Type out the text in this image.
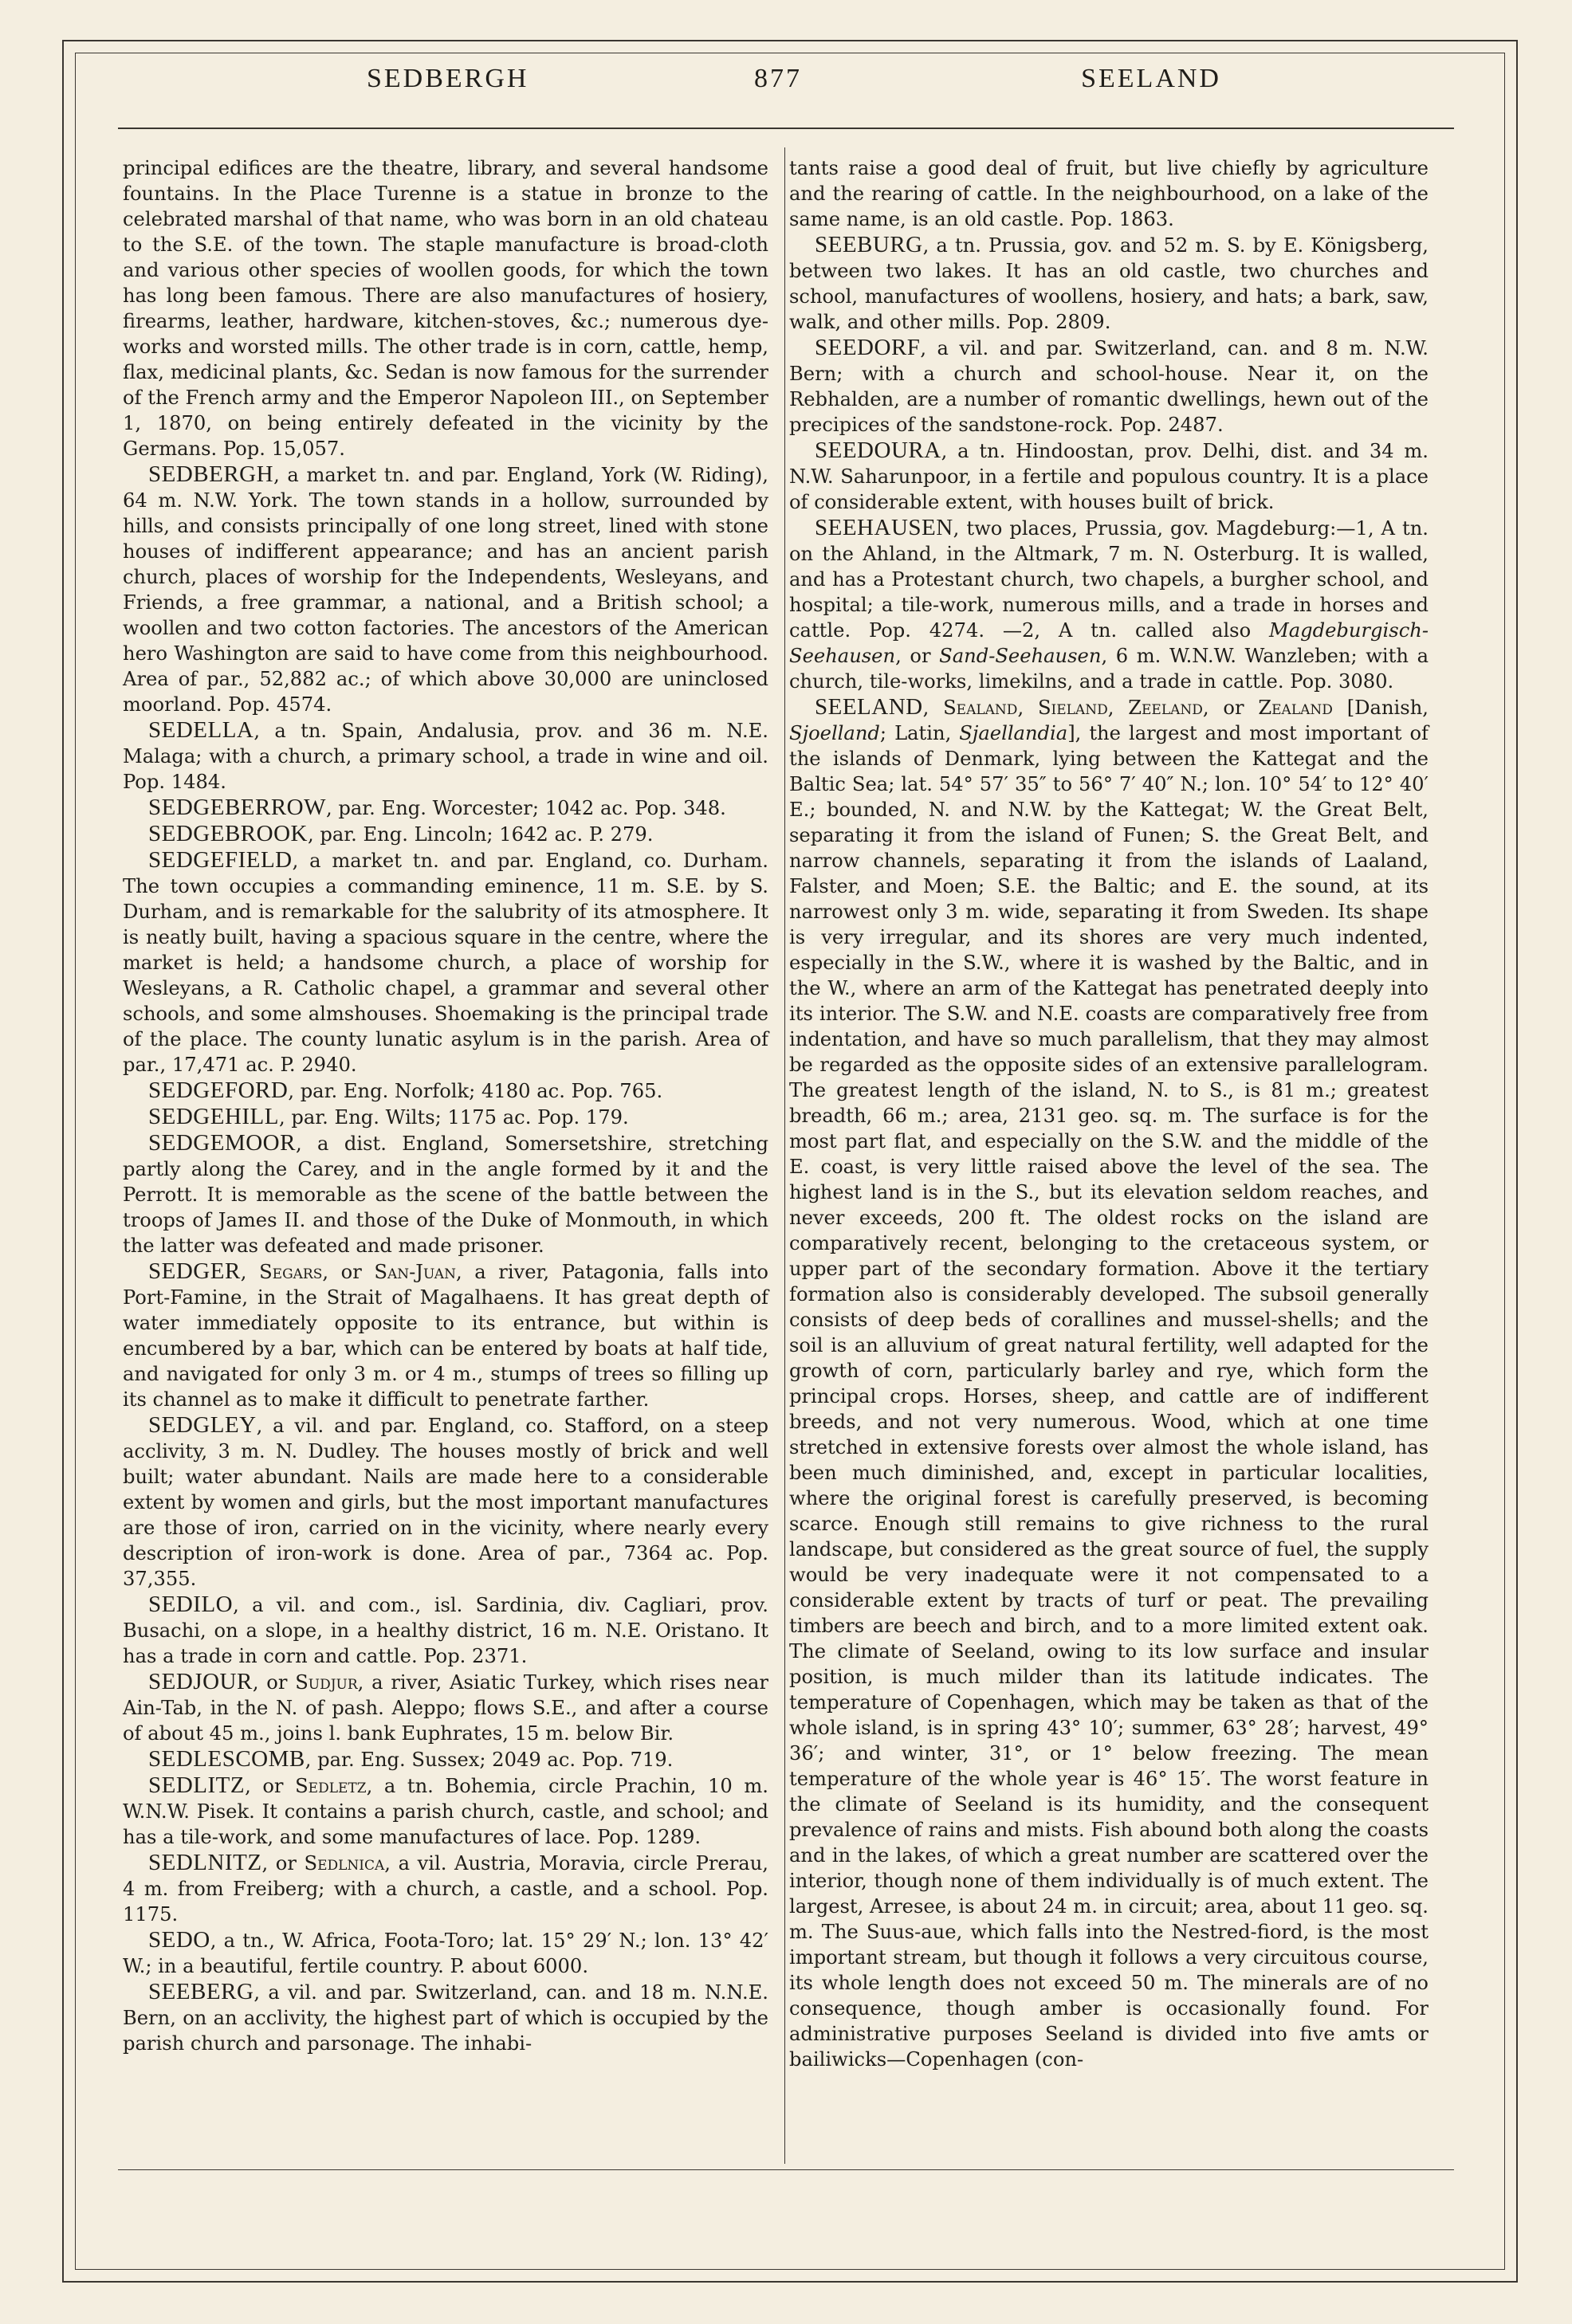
SEDBERGH	877	SEELAND

principal edifices are the theatre, library, and several handsome fountains. In the Place Turenne is a statue in bronze to the celebrated marshal of that name, who was born in an old chateau to the S.E. of the town. The staple manufacture is broad-cloth and various other species of woollen goods, for which the town has long been famous. There are also manufactures of hosiery, firearms, leather, hardware, kitchen-stoves, &c.; numerous dye-works and worsted mills. The other trade is in corn, cattle, hemp, flax, medicinal plants, &c. Sedan is now famous for the surrender of the French army and the Emperor Napoleon III., on September 1, 1870, on being entirely defeated in the vicinity by the Germans. Pop. 15,057.

SEDBERGH, a market tn. and par. England, York (W. Riding), 64 m. N.W. York. The town stands in a hollow, surrounded by hills, and consists principally of one long street, lined with stone houses of indifferent appearance; and has an ancient parish church, places of worship for the Independents, Wesleyans, and Friends, a free grammar, a national, and a British school; a woollen and two cotton factories. The ancestors of the American hero Washington are said to have come from this neighbourhood. Area of par., 52,882 ac.; of which above 30,000 are uninclosed moorland. Pop. 4574.

SEDELLA, a tn. Spain, Andalusia, prov. and 36 m. N.E. Malaga; with a church, a primary school, a trade in wine and oil. Pop. 1484.

SEDGEBERROW, par. Eng. Worcester; 1042 ac. Pop. 348.

SEDGEBROOK, par. Eng. Lincoln; 1642 ac. P. 279.

SEDGEFIELD, a market tn. and par. England, co. Durham. The town occupies a commanding eminence, 11 m. S.E. by S. Durham, and is remarkable for the salubrity of its atmosphere. It is neatly built, having a spacious square in the centre, where the market is held; a handsome church, a place of worship for Wesleyans, a R. Catholic chapel, a grammar and several other schools, and some almshouses. Shoemaking is the principal trade of the place. The county lunatic asylum is in the parish. Area of par., 17,471 ac. P. 2940.

SEDGEFORD, par. Eng. Norfolk; 4180 ac. Pop. 765.

SEDGEHILL, par. Eng. Wilts; 1175 ac. Pop. 179.

SEDGEMOOR, a dist. England, Somersetshire, stretching partly along the Carey, and in the angle formed by it and the Perrott. It is memorable as the scene of the battle between the troops of James II. and those of the Duke of Monmouth, in which the latter was defeated and made prisoner.

SEDGER, Segars, or San-Juan, a river, Patagonia, falls into Port-Famine, in the Strait of Magalhaens. It has great depth of water immediately opposite to its entrance, but within is encumbered by a bar, which can be entered by boats at half tide, and navigated for only 3 m. or 4 m., stumps of trees so filling up its channel as to make it difficult to penetrate farther.

SEDGLEY, a vil. and par. England, co. Stafford, on a steep acclivity, 3 m. N. Dudley. The houses mostly of brick and well built; water abundant. Nails are made here to a considerable extent by women and girls, but the most important manufactures are those of iron, carried on in the vicinity, where nearly every description of iron-work is done. Area of par., 7364 ac. Pop. 37,355.

SEDILO, a vil. and com., isl. Sardinia, div. Cagliari, prov. Busachi, on a slope, in a healthy district, 16 m. N.E. Oristano. It has a trade in corn and cattle. Pop. 2371.

SEDJOUR, or Sudjur, a river, Asiatic Turkey, which rises near Ain-Tab, in the N. of pash. Aleppo; flows S.E., and after a course of about 45 m., joins l. bank Euphrates, 15 m. below Bir.

SEDLESCOMB, par. Eng. Sussex; 2049 ac. Pop. 719.

SEDLITZ, or Sedletz, a tn. Bohemia, circle Prachin, 10 m. W.N.W. Pisek. It contains a parish church, castle, and school; and has a tile-work, and some manufactures of lace. Pop. 1289.

SEDLNITZ, or Sedlnica, a vil. Austria, Moravia, circle Prerau, 4 m. from Freiberg; with a church, a castle, and a school. Pop. 1175.

SEDO, a tn., W. Africa, Foota-Toro; lat. 15° 29′ N.; lon. 13° 42′ W.; in a beautiful, fertile country. P. about 6000.

SEEBERG, a vil. and par. Switzerland, can. and 18 m. N.N.E. Bern, on an acclivity, the highest part of which is occupied by the parish church and parsonage. The inhabi-

tants raise a good deal of fruit, but live chiefly by agriculture and the rearing of cattle. In the neighbourhood, on a lake of the same name, is an old castle. Pop. 1863.

SEEBURG, a tn. Prussia, gov. and 52 m. S. by E. Königsberg, between two lakes. It has an old castle, two churches and school, manufactures of woollens, hosiery, and hats; a bark, saw, walk, and other mills. Pop. 2809.

SEEDORF, a vil. and par. Switzerland, can. and 8 m. N.W. Bern; with a church and school-house. Near it, on the Rebhalden, are a number of romantic dwellings, hewn out of the precipices of the sandstone-rock. Pop. 2487.

SEEDOURA, a tn. Hindoostan, prov. Delhi, dist. and 34 m. N.W. Saharunpoor, in a fertile and populous country. It is a place of considerable extent, with houses built of brick.

SEEHAUSEN, two places, Prussia, gov. Magdeburg:—1, A tn. on the Ahland, in the Altmark, 7 m. N. Osterburg. It is walled, and has a Protestant church, two chapels, a burgher school, and hospital; a tile-work, numerous mills, and a trade in horses and cattle. Pop. 4274. —2, A tn. called also Magdeburgisch-Seehausen, or Sand-Seehausen, 6 m. W.N.W. Wanzleben; with a church, tile-works, limekilns, and a trade in cattle. Pop. 3080.

SEELAND, Sealand, Sieland, Zeeland, or Zealand [Danish, Sjoelland; Latin, Sjaellandia], the largest and most important of the islands of Denmark, lying between the Kattegat and the Baltic Sea; lat. 54° 57′ 35″ to 56° 7′ 40″ N.; lon. 10° 54′ to 12° 40′ E.; bounded, N. and N.W. by the Kattegat; W. the Great Belt, separating it from the island of Funen; S. the Great Belt, and narrow channels, separating it from the islands of Laaland, Falster, and Moen; S.E. the Baltic; and E. the sound, at its narrowest only 3 m. wide, separating it from Sweden. Its shape is very irregular, and its shores are very much indented, especially in the S.W., where it is washed by the Baltic, and in the W., where an arm of the Kattegat has penetrated deeply into its interior. The S.W. and N.E. coasts are comparatively free from indentation, and have so much parallelism, that they may almost be regarded as the opposite sides of an extensive parallelogram. The greatest length of the island, N. to S., is 81 m.; greatest breadth, 66 m.; area, 2131 geo. sq. m. The surface is for the most part flat, and especially on the S.W. and the middle of the E. coast, is very little raised above the level of the sea. The highest land is in the S., but its elevation seldom reaches, and never exceeds, 200 ft. The oldest rocks on the island are comparatively recent, belonging to the cretaceous system, or upper part of the secondary formation. Above it the tertiary formation also is considerably developed. The subsoil generally consists of deep beds of corallines and mussel-shells; and the soil is an alluvium of great natural fertility, well adapted for the growth of corn, particularly barley and rye, which form the principal crops. Horses, sheep, and cattle are of indifferent breeds, and not very numerous. Wood, which at one time stretched in extensive forests over almost the whole island, has been much diminished, and, except in particular localities, where the original forest is carefully preserved, is becoming scarce. Enough still remains to give richness to the rural landscape, but considered as the great source of fuel, the supply would be very inadequate were it not compensated to a considerable extent by tracts of turf or peat. The prevailing timbers are beech and birch, and to a more limited extent oak. The climate of Seeland, owing to its low surface and insular position, is much milder than its latitude indicates. The temperature of Copenhagen, which may be taken as that of the whole island, is in spring 43° 10′; summer, 63° 28′; harvest, 49° 36′; and winter, 31°, or 1° below freezing. The mean temperature of the whole year is 46° 15′. The worst feature in the climate of Seeland is its humidity, and the consequent prevalence of rains and mists. Fish abound both along the coasts and in the lakes, of which a great number are scattered over the interior, though none of them individually is of much extent. The largest, Arresee, is about 24 m. in circuit; area, about 11 geo. sq. m. The Suus-aue, which falls into the Nestred-fiord, is the most important stream, but though it follows a very circuitous course, its whole length does not exceed 50 m. The minerals are of no consequence, though amber is occasionally found. For administrative purposes Seeland is divided into five amts or bailiwicks—Copenhagen (con-
